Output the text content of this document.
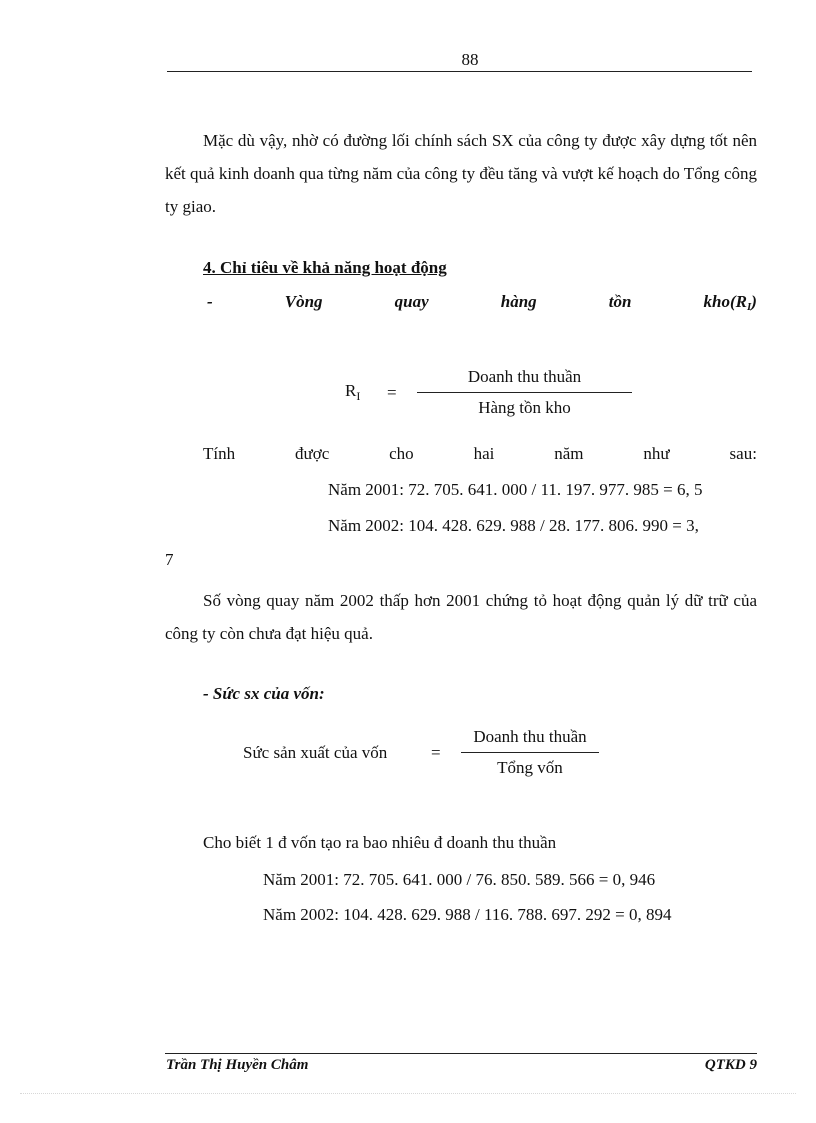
88
Mặc dù vậy, nhờ có đường lối chính sách SX của công ty được xây dựng tốt nên kết quả kinh doanh qua từng năm của công ty đều tăng và vượt kế hoạch do Tổng công ty giao.
4. Chỉ tiêu về khả năng hoạt động
-	Vòng	quay	hàng	tồn	kho(RI)
$R_I$	=	$\frac{\text{Doanh thu thuần}}{\text{Hàng tồn kho}}$
Tính	được	cho	hai	năm	như	sau:
Năm 2001: 72. 705. 641. 000 / 11. 197. 977. 985 = 6, 5
Năm 2002: 104. 428. 629. 988 / 28. 177. 806. 990 = 3,
7
Số vòng quay năm 2002 thấp hơn 2001 chứng tỏ hoạt động quản lý dữ trữ của công ty còn chưa đạt hiệu quả.
- Sức sx của vốn:
Sức sản xuất của vốn	=	$\frac{\text{Doanh thu thuần}}{\text{Tổng vốn}}$
Cho biết 1 đ vốn tạo ra bao nhiêu đ doanh thu thuần
Năm 2001: 72. 705. 641. 000 / 76. 850. 589. 566 = 0, 946
Năm 2002: 104. 428. 629. 988 / 116. 788. 697. 292 = 0, 894
Trần Thị Huyền Châm	QTKD 9
